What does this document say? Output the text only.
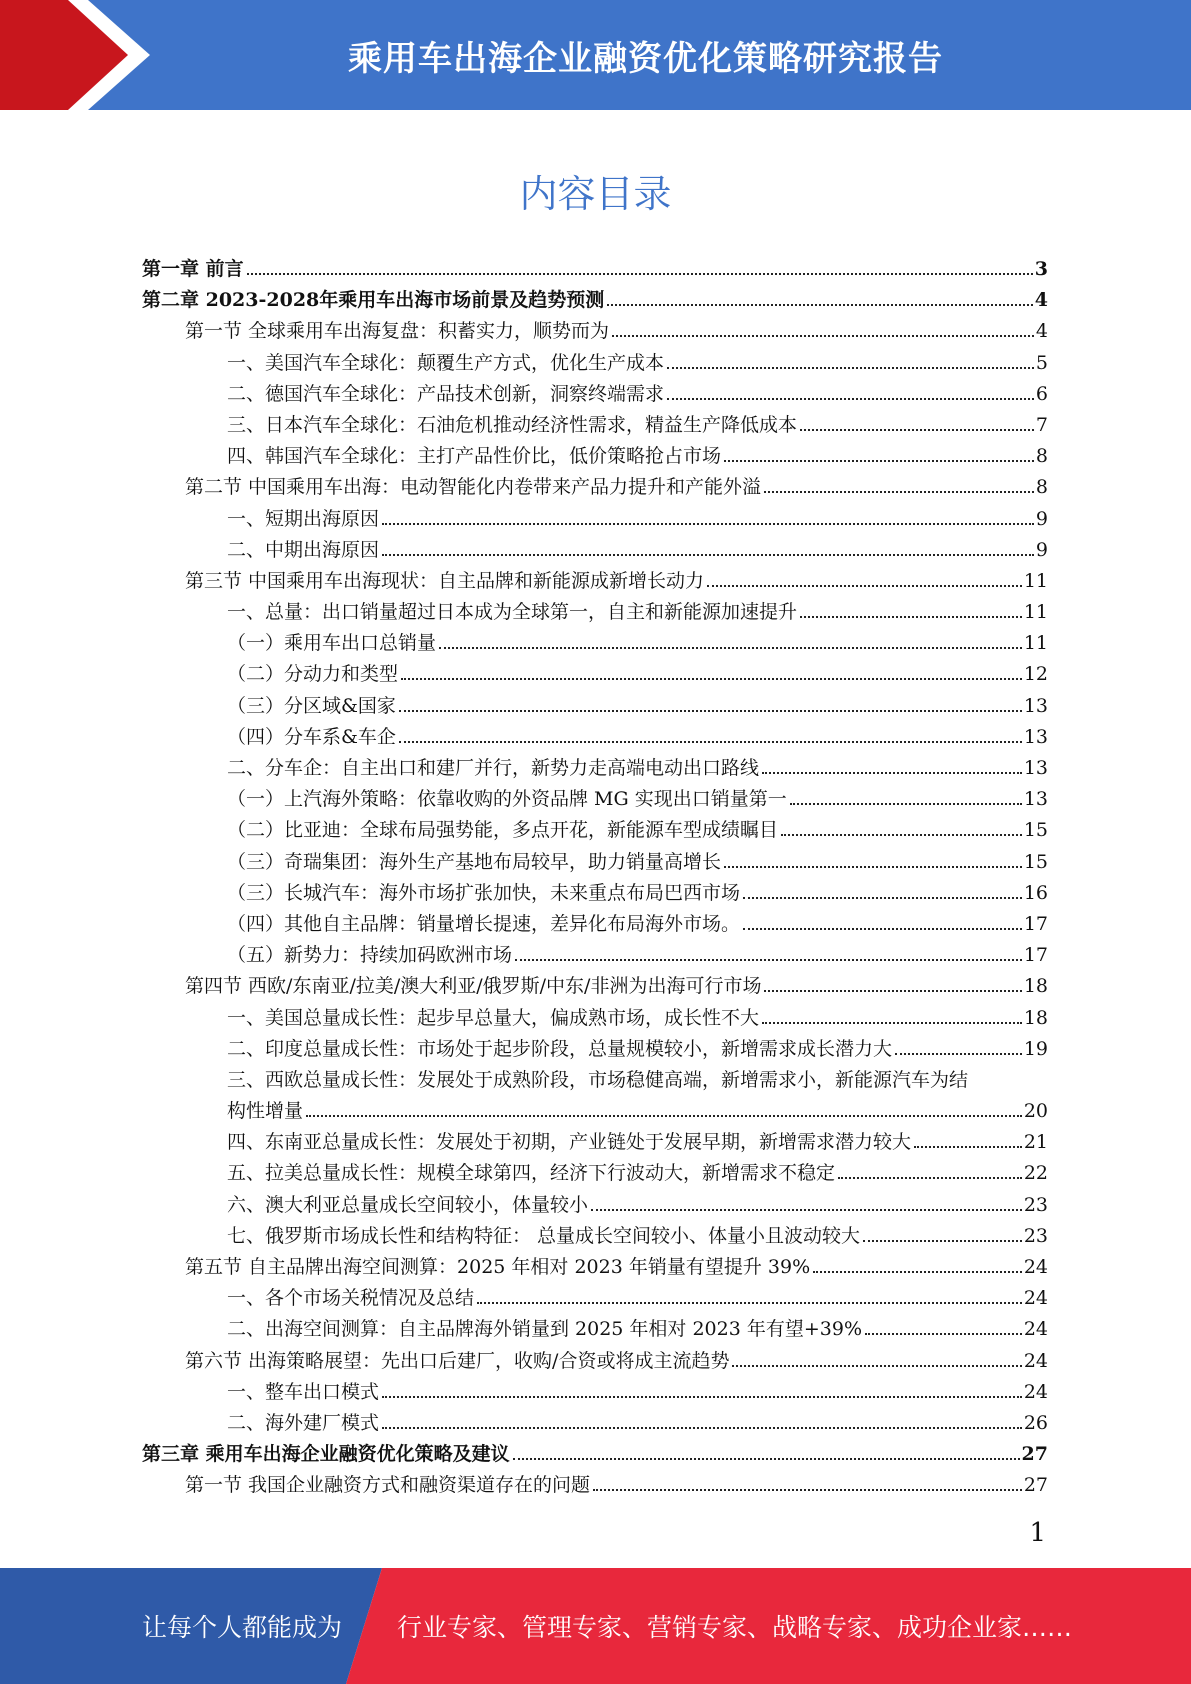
乘用车出海企业融资优化策略研究报告
内容目录
第一章 前言	3
第二章 2023-2028年乘用车出海市场前景及趋势预测	4
第一节 全球乘用车出海复盘：积蓄实力，顺势而为	4
一、美国汽车全球化：颠覆生产方式，优化生产成本	5
二、德国汽车全球化：产品技术创新，洞察终端需求	6
三、日本汽车全球化：石油危机推动经济性需求，精益生产降低成本	7
四、韩国汽车全球化：主打产品性价比，低价策略抢占市场	8
第二节 中国乘用车出海：电动智能化内卷带来产品力提升和产能外溢	8
一、短期出海原因	9
二、中期出海原因	9
第三节 中国乘用车出海现状：自主品牌和新能源成新增长动力	11
一、总量：出口销量超过日本成为全球第一，自主和新能源加速提升	11
（一）乘用车出口总销量	11
（二）分动力和类型	12
（三）分区域&国家	13
（四）分车系&车企	13
二、分车企：自主出口和建厂并行，新势力走高端电动出口路线	13
（一）上汽海外策略：依靠收购的外资品牌 MG 实现出口销量第一	13
（二）比亚迪：全球布局强势能，多点开花，新能源车型成绩瞩目	15
（三）奇瑞集团：海外生产基地布局较早，助力销量高增长	15
（三）长城汽车：海外市场扩张加快，未来重点布局巴西市场	16
（四）其他自主品牌：销量增长提速，差异化布局海外市场。	17
（五）新势力：持续加码欧洲市场	17
第四节 西欧/东南亚/拉美/澳大利亚/俄罗斯/中东/非洲为出海可行市场	18
一、美国总量成长性：起步早总量大，偏成熟市场，成长性不大	18
二、印度总量成长性：市场处于起步阶段，总量规模较小，新增需求成长潜力大	19
三、西欧总量成长性：发展处于成熟阶段，市场稳健高端，新增需求小，新能源汽车为结
构性增量	20
四、东南亚总量成长性：发展处于初期，产业链处于发展早期，新增需求潜力较大	21
五、拉美总量成长性：规模全球第四，经济下行波动大，新增需求不稳定	22
六、澳大利亚总量成长空间较小，体量较小	23
七、俄罗斯市场成长性和结构特征： 总量成长空间较小、体量小且波动较大	23
第五节 自主品牌出海空间测算：2025 年相对 2023 年销量有望提升 39%	24
一、各个市场关税情况及总结	24
二、出海空间测算：自主品牌海外销量到 2025 年相对 2023 年有望+39%	24
第六节 出海策略展望：先出口后建厂，收购/合资或将成主流趋势	24
一、整车出口模式	24
二、海外建厂模式	26
第三章 乘用车出海企业融资优化策略及建议	27
第一节 我国企业融资方式和融资渠道存在的问题	27
1
让每个人都能成为 行业专家、管理专家、营销专家、战略专家、成功企业家……
